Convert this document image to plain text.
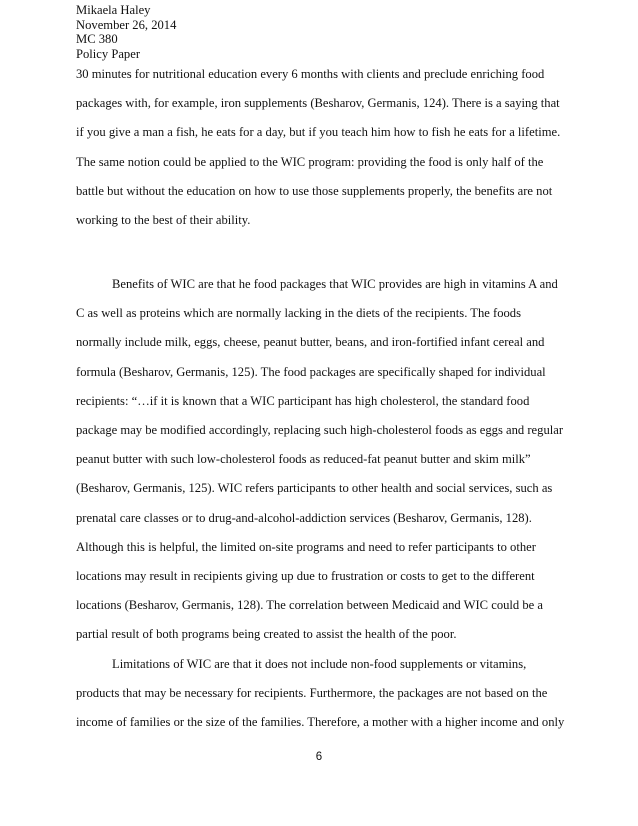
Mikaela Haley
November 26, 2014
MC 380
Policy Paper
30 minutes for nutritional education every 6 months with clients and preclude enriching food
packages with, for example, iron supplements (Besharov, Germanis, 124). There is a saying that
if you give a man a fish, he eats for a day, but if you teach him how to fish he eats for a lifetime.
The same notion could be applied to the WIC program: providing the food is only half of the
battle but without the education on how to use those supplements properly, the benefits are not
working to the best of their ability.
Benefits of WIC are that he food packages that WIC provides are high in vitamins A and
C as well as proteins which are normally lacking in the diets of the recipients. The foods
normally include milk, eggs, cheese, peanut butter, beans, and iron-fortified infant cereal and
formula (Besharov, Germanis, 125). The food packages are specifically shaped for individual
recipients: “…if it is known that a WIC participant has high cholesterol, the standard food
package may be modified accordingly, replacing such high-cholesterol foods as eggs and regular
peanut butter with such low-cholesterol foods as reduced-fat peanut butter and skim milk”
(Besharov, Germanis, 125). WIC refers participants to other health and social services, such as
prenatal care classes or to drug-and-alcohol-addiction services (Besharov, Germanis, 128).
Although this is helpful, the limited on-site programs and need to refer participants to other
locations may result in recipients giving up due to frustration or costs to get to the different
locations (Besharov, Germanis, 128). The correlation between Medicaid and WIC could be a
partial result of both programs being created to assist the health of the poor.
Limitations of WIC are that it does not include non-food supplements or vitamins,
products that may be necessary for recipients. Furthermore, the packages are not based on the
income of families or the size of the families. Therefore, a mother with a higher income and only
6
